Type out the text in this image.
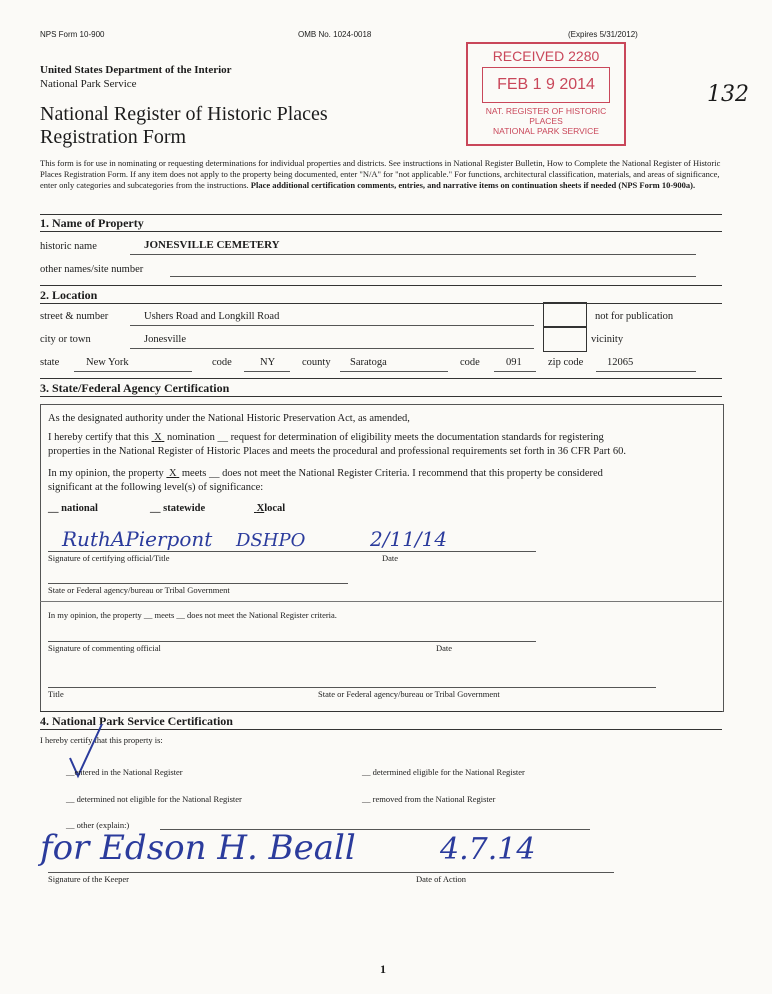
NPS Form 10-900	OMB No. 1024-0018	(Expires 5/31/2012)
RECEIVED 2280
FEB 1 9 2014
NAT. REGISTER OF HISTORIC PLACES
NATIONAL PARK SERVICE
132
United States Department of the Interior
National Park Service
National Register of Historic Places
Registration Form
This form is for use in nominating or requesting determinations for individual properties and districts. See instructions in National Register Bulletin, How to Complete the National Register of Historic Places Registration Form. If any item does not apply to the property being documented, enter "N/A" for "not applicable." For functions, architectural classification, materials, and areas of significance, enter only categories and subcategories from the instructions. Place additional certification comments, entries, and narrative items on continuation sheets if needed (NPS Form 10-900a).
1. Name of Property
historic name	JONESVILLE CEMETERY
other names/site number
2. Location
street & number	Ushers Road and Longkill Road	not for publication
city or town	Jonesville	vicinity
state	New York	code	NY	county Saratoga	code 091	zip code 12065
3. State/Federal Agency Certification
As the designated authority under the National Historic Preservation Act, as amended,
I hereby certify that this X nomination __ request for determination of eligibility meets the documentation standards for registering
properties in the National Register of Historic Places and meets the procedural and professional requirements set forth in 36 CFR Part 60.
In my opinion, the property X meets __ does not meet the National Register Criteria. I recommend that this property be considered
significant at the following level(s) of significance:
__ national	__ statewide	Xlocal
RuthAPierpont DSHPO	2/11/14
Signature of certifying official/Title	Date
State or Federal agency/bureau or Tribal Government
In my opinion, the property __ meets __ does not meet the National Register criteria.
Signature of commenting official	Date
Title	State or Federal agency/bureau or Tribal Government
4. National Park Service Certification
I hereby certify that this property is:
__entered in the National Register	__ determined eligible for the National Register
__ determined not eligible for the National Register	__ removed from the National Register
__ other (explain:)
for Edson H. Beall	4.7.14
Signature of the Keeper	Date of Action
1
